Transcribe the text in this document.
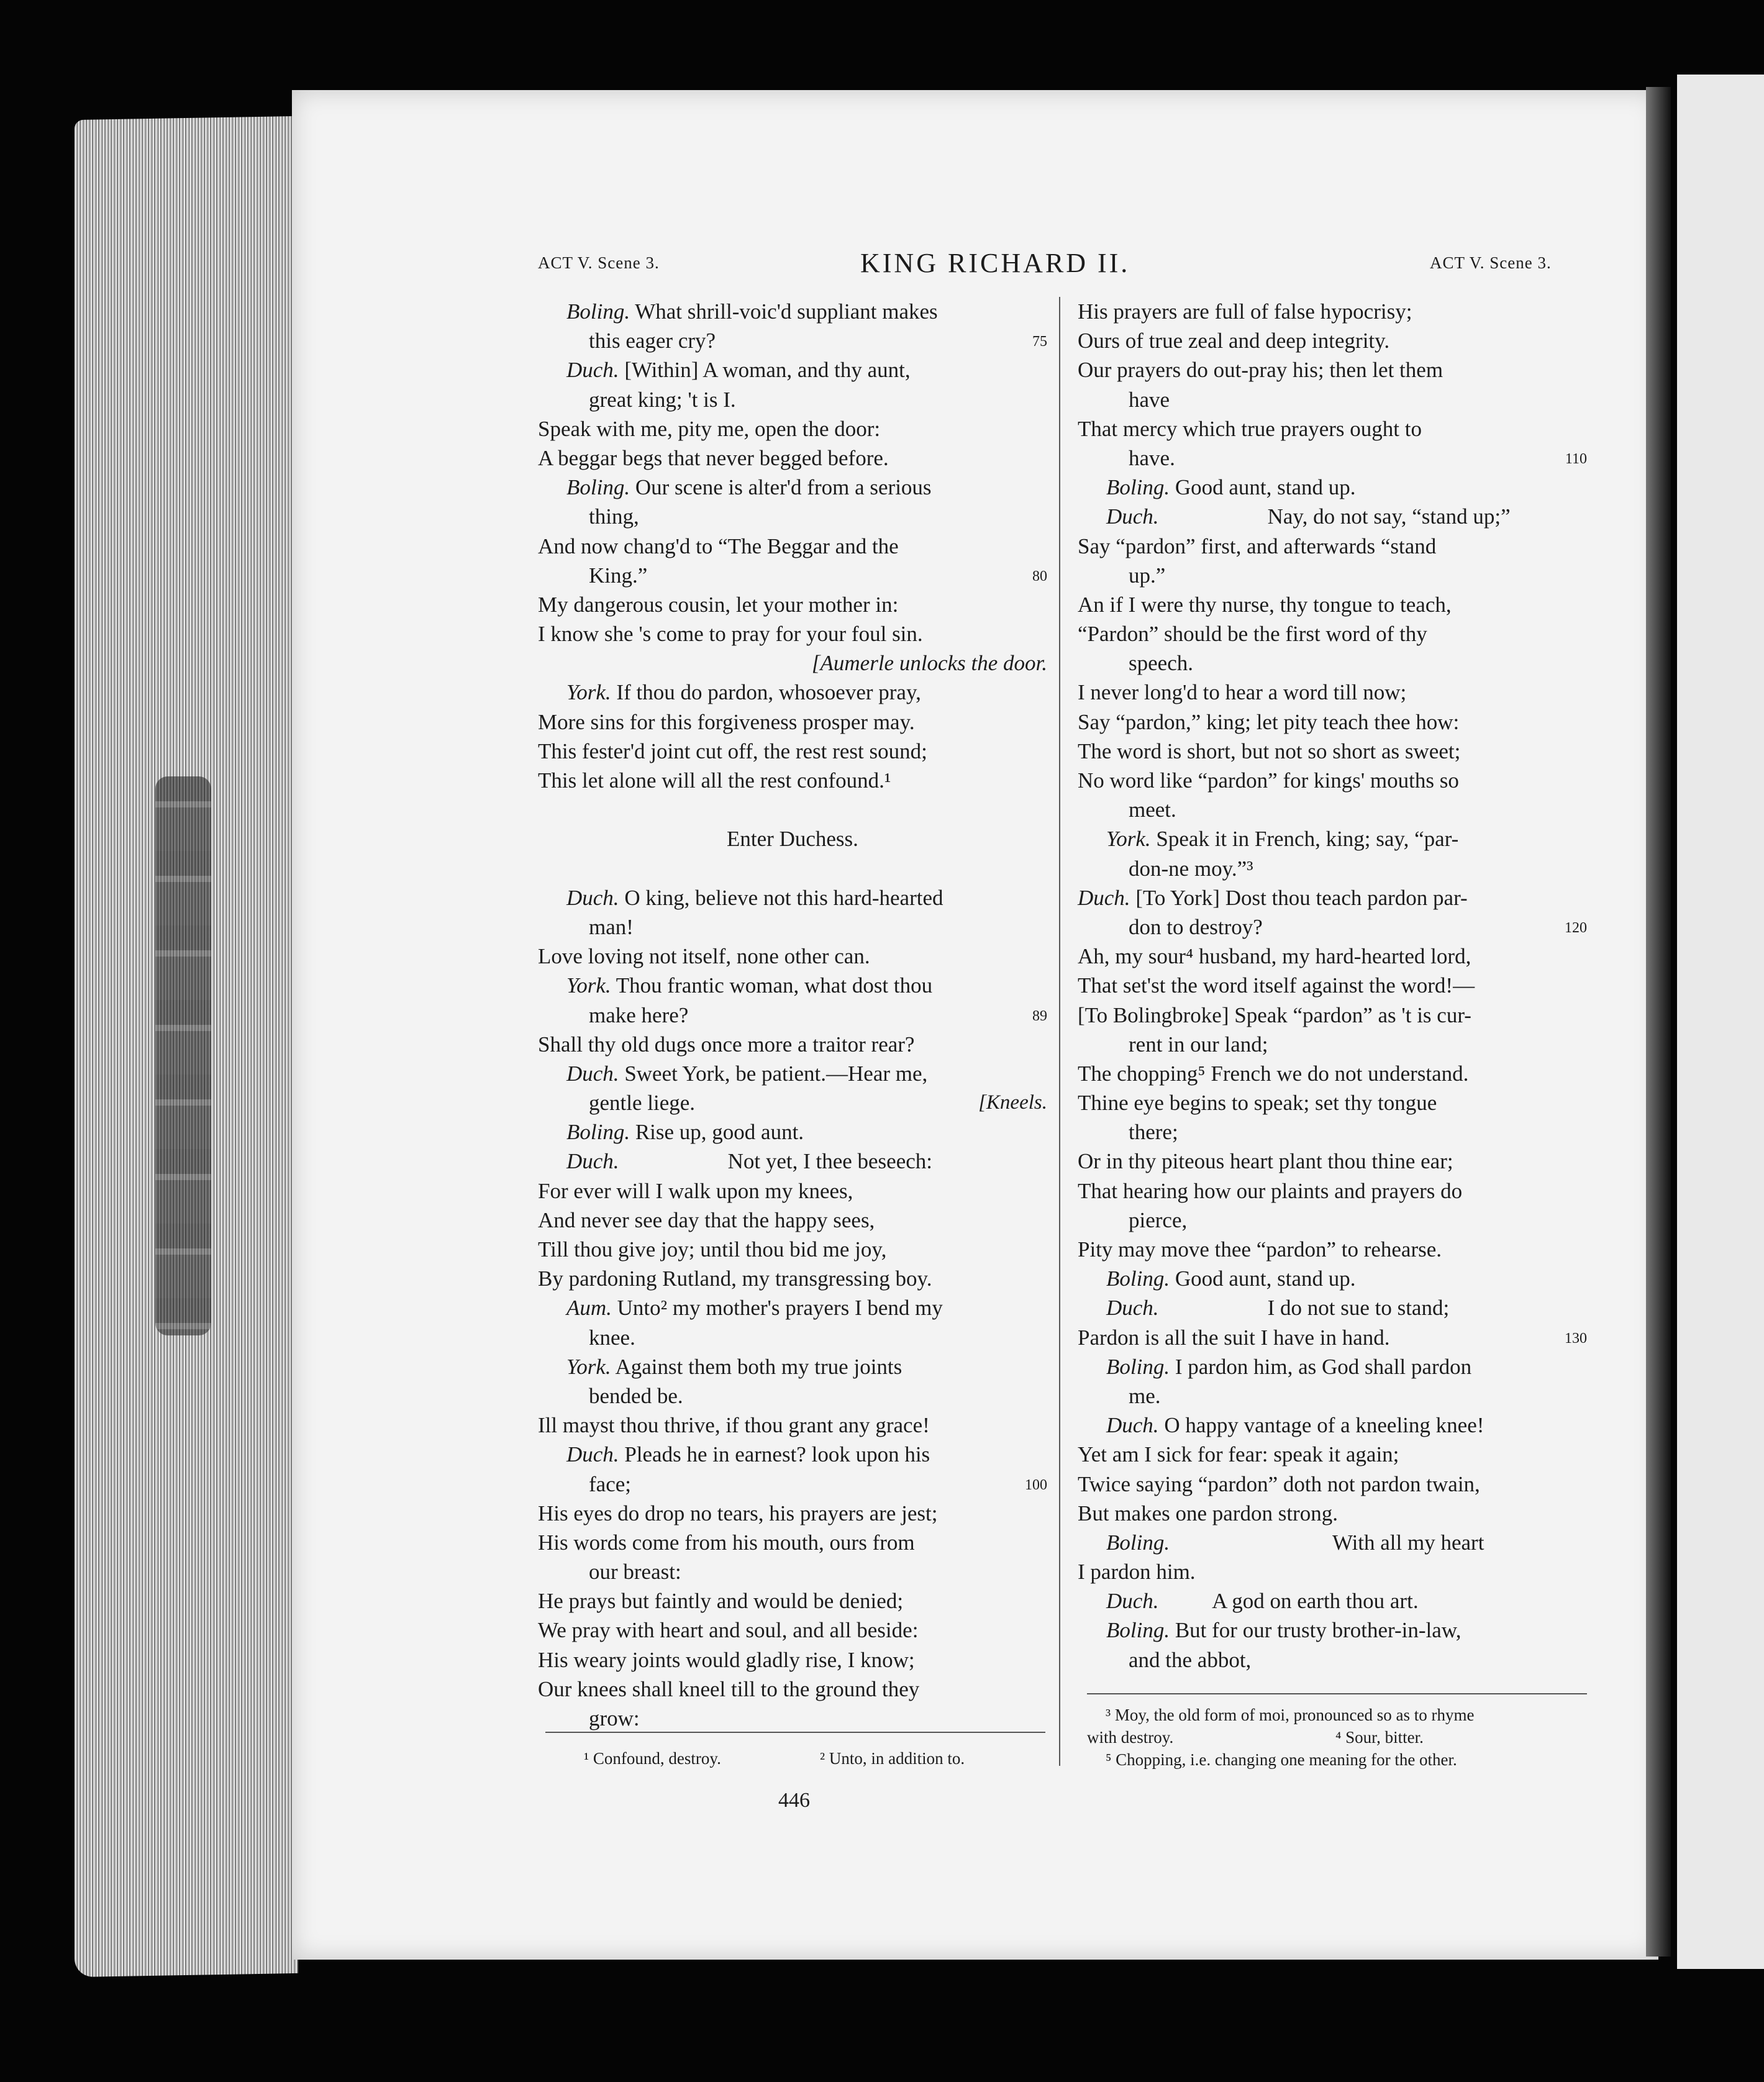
ACT V. Scene 3.	KING RICHARD II.	ACT V. Scene 3.
Boling. What shrill-voic'd suppliant makes
this eager cry?	75
Duch. [Within] A woman, and thy aunt,
great king; 't is I.
Speak with me, pity me, open the door:
A beggar begs that never begged before.
Boling. Our scene is alter'd from a serious
thing,
And now chang'd to “The Beggar and the
King.”	80
My dangerous cousin, let your mother in:
I know she 's come to pray for your foul sin.
[Aumerle unlocks the door.
York. If thou do pardon, whosoever pray,
More sins for this forgiveness prosper may.
This fester'd joint cut off, the rest rest sound;
This let alone will all the rest confound.¹
Enter Duchess.
Duch. O king, believe not this hard-hearted
man!
Love loving not itself, none other can.
York. Thou frantic woman, what dost thou
make here?	89
Shall thy old dugs once more a traitor rear?
Duch. Sweet York, be patient.—Hear me,
gentle liege.	[Kneels.
Boling. Rise up, good aunt.
Duch.                    Not yet, I thee beseech:
For ever will I walk upon my knees,
And never see day that the happy sees,
Till thou give joy; until thou bid me joy,
By pardoning Rutland, my transgressing boy.
Aum. Unto² my mother's prayers I bend my
knee.
York. Against them both my true joints
bended be.
Ill mayst thou thrive, if thou grant any grace!
Duch. Pleads he in earnest? look upon his
face;	100
His eyes do drop no tears, his prayers are jest;
His words come from his mouth, ours from
our breast:
He prays but faintly and would be denied;
We pray with heart and soul, and all beside:
His weary joints would gladly rise, I know;
Our knees shall kneel till to the ground they
grow:
His prayers are full of false hypocrisy;
Ours of true zeal and deep integrity.
Our prayers do out-pray his; then let them
have
That mercy which true prayers ought to
have.	110
Boling. Good aunt, stand up.
Duch.                    Nay, do not say, “stand up;”
Say “pardon” first, and afterwards “stand
up.”
An if I were thy nurse, thy tongue to teach,
“Pardon” should be the first word of thy
speech.
I never long'd to hear a word till now;
Say “pardon,” king; let pity teach thee how:
The word is short, but not so short as sweet;
No word like “pardon” for kings' mouths so
meet.
York. Speak it in French, king; say, “par-
don-ne moy.”³
Duch. [To York] Dost thou teach pardon par-
don to destroy?	120
Ah, my sour⁴ husband, my hard-hearted lord,
That set'st the word itself against the word!—
[To Bolingbroke] Speak “pardon” as 't is cur-
rent in our land;
The chopping⁵ French we do not understand.
Thine eye begins to speak; set thy tongue
there;
Or in thy piteous heart plant thou thine ear;
That hearing how our plaints and prayers do
pierce,
Pity may move thee “pardon” to rehearse.
Boling. Good aunt, stand up.
Duch.                    I do not sue to stand;
Pardon is all the suit I have in hand.	130
Boling. I pardon him, as God shall pardon
me.
Duch. O happy vantage of a kneeling knee!
Yet am I sick for fear: speak it again;
Twice saying “pardon” doth not pardon twain,
But makes one pardon strong.
Boling.                              With all my heart
I pardon him.
Duch.          A god on earth thou art.
Boling. But for our trusty brother-in-law,
and the abbot,
¹ Confound, destroy.	² Unto, in addition to.
³ Moy, the old form of moi, pronounced so as to rhyme
with destroy.	⁴ Sour, bitter.
⁵ Chopping, i.e. changing one meaning for the other.
446
